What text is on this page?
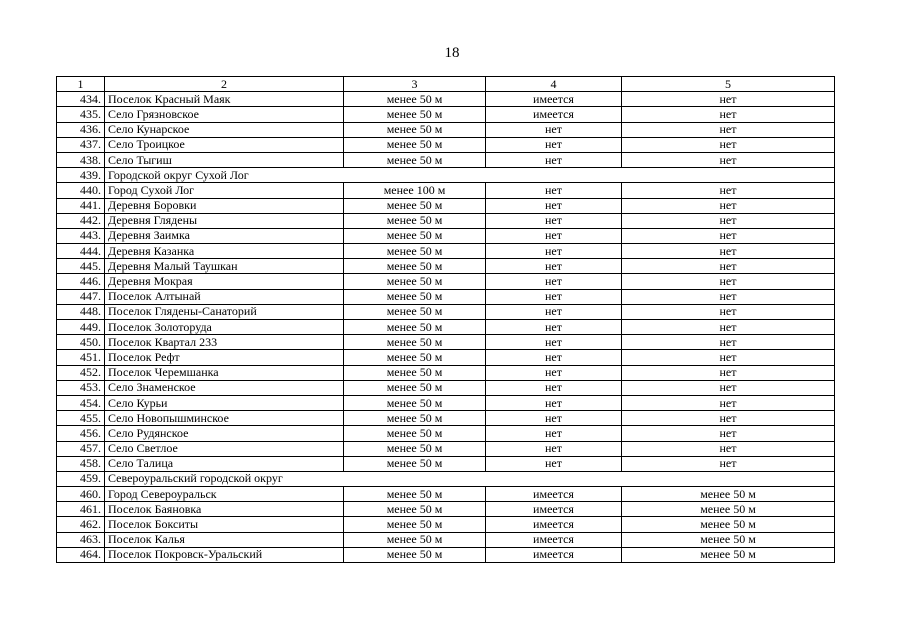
18
1	2	3	4	5
434.	Поселок Красный Маяк	менее 50 м	имеется	нет
435.	Село Грязновское	менее 50 м	имеется	нет
436.	Село Кунарское	менее 50 м	нет	нет
437.	Село Троицкое	менее 50 м	нет	нет
438.	Село Тыгиш	менее 50 м	нет	нет
439.	Городской округ Сухой Лог			
440.	Город Сухой Лог	менее 100 м	нет	нет
441.	Деревня Боровки	менее 50 м	нет	нет
442.	Деревня Глядены	менее 50 м	нет	нет
443.	Деревня Заимка	менее 50 м	нет	нет
444.	Деревня Казанка	менее 50 м	нет	нет
445.	Деревня Малый Таушкан	менее 50 м	нет	нет
446.	Деревня Мокрая	менее 50 м	нет	нет
447.	Поселок Алтынай	менее 50 м	нет	нет
448.	Поселок Глядены-Санаторий	менее 50 м	нет	нет
449.	Поселок Золоторуда	менее 50 м	нет	нет
450.	Поселок Квартал 233	менее 50 м	нет	нет
451.	Поселок Рефт	менее 50 м	нет	нет
452.	Поселок Черемшанка	менее 50 м	нет	нет
453.	Село Знаменское	менее 50 м	нет	нет
454.	Село Курьи	менее 50 м	нет	нет
455.	Село Новопышминское	менее 50 м	нет	нет
456.	Село Рудянское	менее 50 м	нет	нет
457.	Село Светлое	менее 50 м	нет	нет
458.	Село Талица	менее 50 м	нет	нет
459.	Североуральский городской округ			
460.	Город Североуральск	менее 50 м	имеется	менее 50 м
461.	Поселок Баяновка	менее 50 м	имеется	менее 50 м
462.	Поселок Бокситы	менее 50 м	имеется	менее 50 м
463.	Поселок Калья	менее 50 м	имеется	менее 50 м
464.	Поселок Покровск-Уральский	менее 50 м	имеется	менее 50 м
